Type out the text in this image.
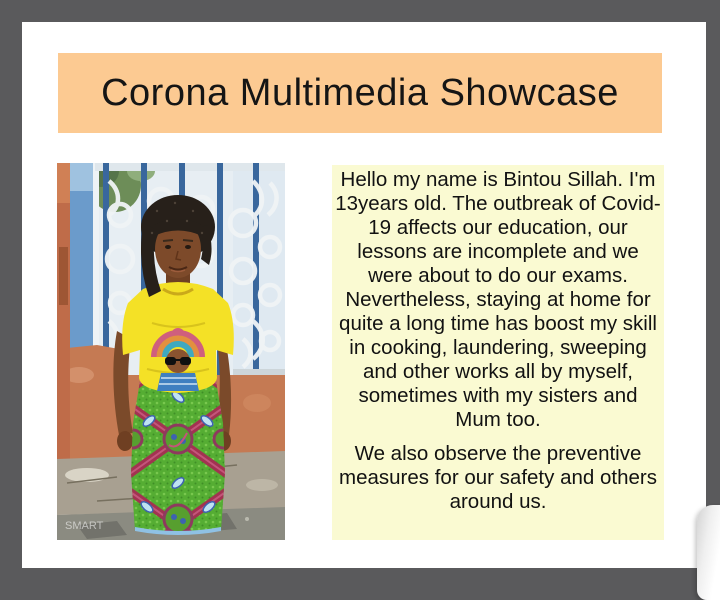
Corona Multimedia Showcase
SMART

Hello my name is Bintou Sillah. I'm 13years old. The outbreak of Covid-19 affects our education, our lessons are incomplete and we were about to do our exams. Nevertheless, staying at home for quite a long time has boost my skill in cooking, laundering, sweeping and other works all by myself, sometimes with my sisters and Mum too.

We also observe the preventive measures for our safety and others around us.
